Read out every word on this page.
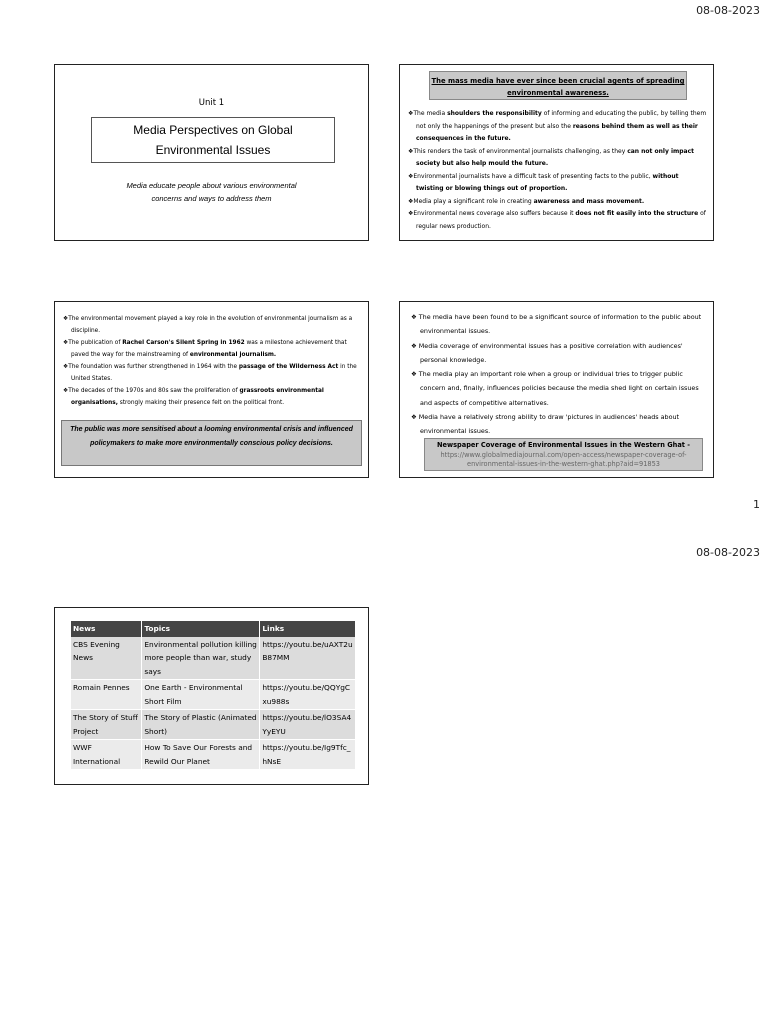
08-08-2023
Unit 1
Media Perspectives on Global
Environmental Issues
Media educate people about various environmental
concerns and ways to address them
The mass media have ever since been crucial agents of spreading
environmental awareness.
❖The media shoulders the responsibility of informing and educating the public, by telling them not only the happenings of the present but also the reasons behind them as well as their consequences in the future.
❖This renders the task of environmental journalists challenging, as they can not only impact society but also help mould the future.
❖Environmental journalists have a difficult task of presenting facts to the public, without twisting or blowing things out of proportion.
❖Media play a significant role in creating awareness and mass movement.
❖Environmental news coverage also suffers because it does not fit easily into the structure of regular news production.
❖The environmental movement played a key role in the evolution of environmental journalism as a discipline.
❖The publication of Rachel Carson's Silent Spring in 1962 was a milestone achievement that paved the way for the mainstreaming of environmental journalism.
❖The foundation was further strengthened in 1964 with the passage of the Wilderness Act in the United States.
❖The decades of the 1970s and 80s saw the proliferation of grassroots environmental organisations, strongly making their presence felt on the political front.
The public was more sensitised about a looming environmental crisis and influenced policymakers to make more environmentally conscious policy decisions.
❖ The media have been found to be a significant source of information to the public about environmental issues.
❖ Media coverage of environmental issues has a positive correlation with audiences' personal knowledge.
❖ The media play an important role when a group or individual tries to trigger public concern and, finally, influences policies because the media shed light on certain issues and aspects of competitive alternatives.
❖ Media have a relatively strong ability to draw 'pictures in audiences' heads about environmental issues.
Newspaper Coverage of Environmental Issues in the Western Ghat -
https://www.globalmediajournal.com/open-access/newspaper-coverage-of-environmental-issues-in-the-western-ghat.php?aid=91853
1
08-08-2023
News	Topics	Links
CBS Evening News	Environmental pollution killing more people than war, study says	https://youtu.be/uAXT2uB87MM
Romain Pennes	One Earth - Environmental Short Film	https://youtu.be/QQYgCxu988s
The Story of Stuff Project	The Story of Plastic (Animated Short)	https://youtu.be/lO3SA4YyEYU
WWF International	How To Save Our Forests and Rewild Our Planet	https://youtu.be/Ig9Tfc_hNsE
